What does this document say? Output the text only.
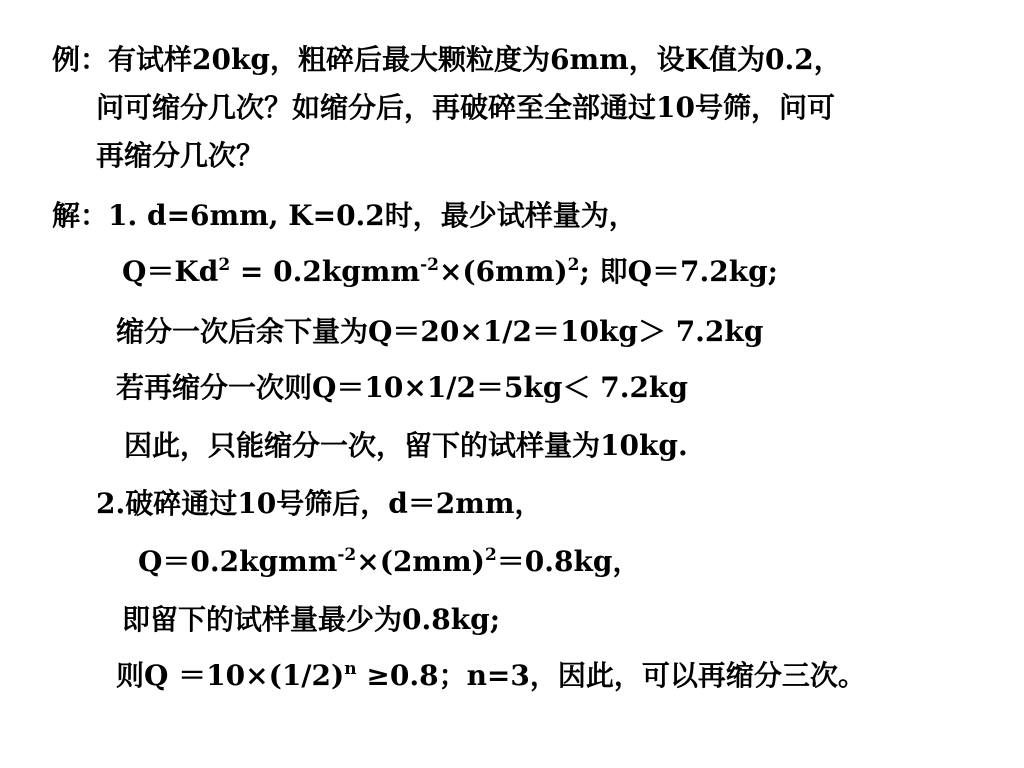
例：有试样20kg，粗碎后最大颗粒度为6mm，设K值为0.2，
问可缩分几次？如缩分后，再破碎至全部通过10号筛，问可
再缩分几次？
解：1. d=6mm, K=0.2时，最少试样量为，
$Q=Kd^2$ = $0.2kgmm^{-2}\times(6mm)^2$; 即Q＝7.2kg;
缩分一次后余下量为Q＝20×1/2＝10kg＞ 7.2kg
若再缩分一次则Q＝10×1/2＝5kg＜ 7.2kg
因此，只能缩分一次，留下的试样量为10kg.
2.破碎通过10号筛后，d＝2mm，
$Q=0.2kgmm^{-2}\times(2mm)^2=0.8kg$，
即留下的试样量最少为0.8kg;
则$Q =10\times(1/2)^n \ge 0.8$；n=3，因此，可以再缩分三次。
